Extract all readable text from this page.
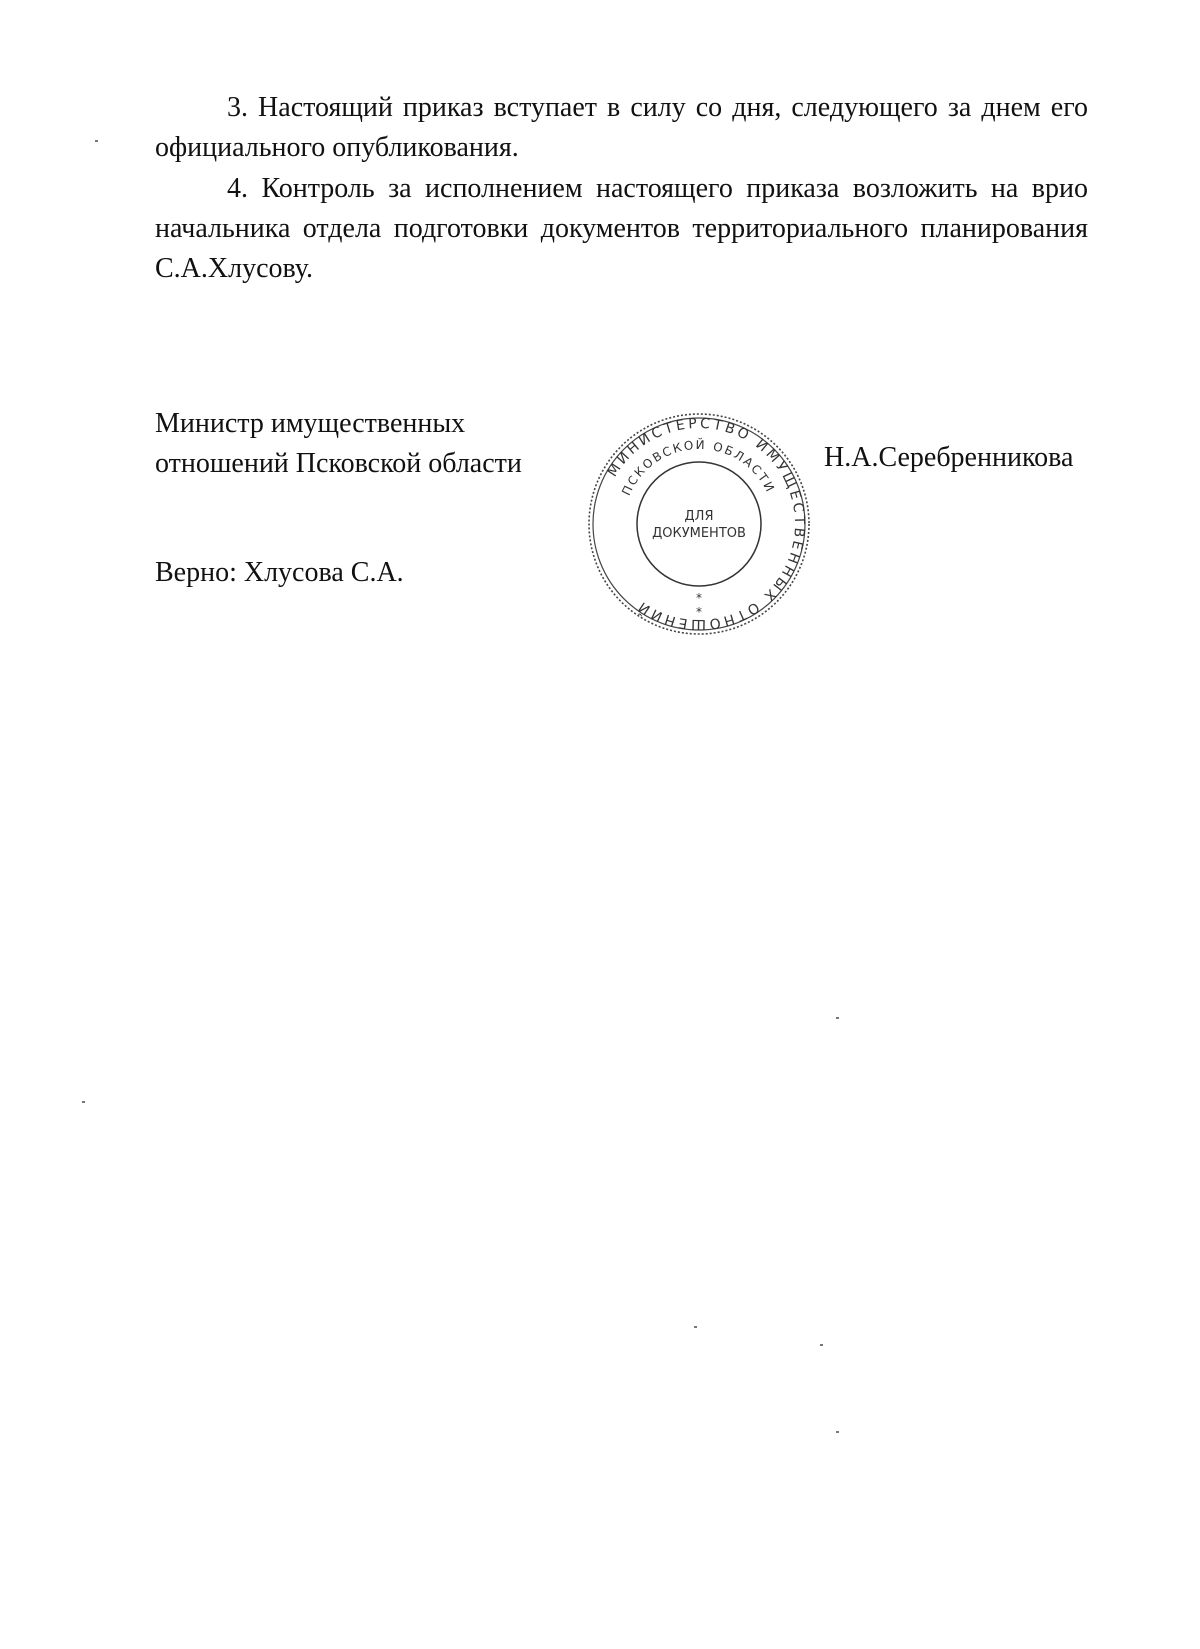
3. Настоящий приказ вступает в силу со дня, следующего за днем его официального опубликования.

4. Контроль за исполнением настоящего приказа возложить на врио начальника отдела подготовки документов территориального планирования С.А.Хлусову.

Министр имущественных
отношений Псковской области	Н.А.Серебренникова
Верно: Хлусова С.А.
МИНИСТЕРСТВО ИМУЩЕСТВЕННЫХ ОТНОШЕНИЙ
ПСКОВСКОЙ ОБЛАСТИ
ДЛЯ
ДОКУМЕНТОВ
*
*
